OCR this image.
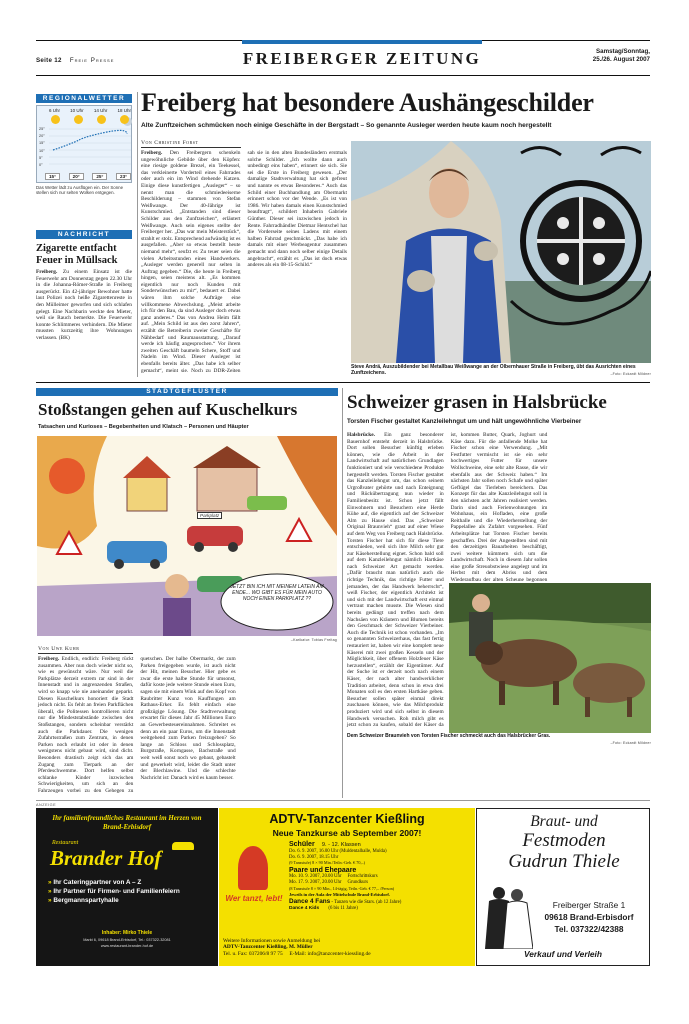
Seite 12 Freie Presse	FREIBERGER ZEITUNG	Samstag/Sonntag,
25./26. August 2007
REGIONALWETTER
6 Uhr 10 Uhr 14 Uhr 18 Uhr
25°
20°
15°
10°
5°
0°
15°	20°	25°	23°
Das Wetter lädt zu Ausflügen ein. Der Sonne stellen sich nur selten Wolken entgegen.
NACHRICHT
Zigarette entfacht Feuer in Müllsack
Freiberg. Zu einem Einsatz ist die Feuerwehr am Donnerstag gegen 22.30 Uhr in die Johanna-Römer-Straße in Freiberg ausgerückt. Ein 42-jähriger Bewohner hatte laut Polizei noch heiße Zigarettenreste in den Mülleimer geworfen und sich schlafen gelegt. Eine Nachbarin weckte den Mieter, weil sie Rauch bemerkte. Die Feuerwehr konnte Schlimmeres verhindern. Die Mieter mussten kurzzeitig ihre Wohnungen verlassen. (BK)
Freiberg hat besondere Aushängeschilder
Alte Zunftzeichen schmücken noch einige Geschäfte in der Bergstadt – So genannte Ausleger werden heute kaum noch hergestellt
Von Christine Forst
Freiberg. Den Freibergern schenkeln ungewöhnliche Gebilde über den Köpfen: eine riesige goldene Brezel, ein Teekessel, das verkleinerte Vorderteil eines Fahrrades oder auch ein im Wind drehende Katzen. Einige diese kunstfertigen „Ausleger“ – so nennt man die schmiedeeiserne Beschilderung – stammen von Stefan Weißwange. Der 40-Jährige ist Kunstschmied. „Entstanden sind dieser Schilder aus den Zunftzeichen“, erläutert Weißwange. Auch sein eigenes stellte der Freiberger her. „Das war mein Meisterstück“, strahlt er stolz. Entsprechend aufwändig ist es ausgefallen. „Aber so etwas bestellt heute niemand mehr“, seufzt er. Zu teuer seien die vielen Arbeitsstunden eines Handwerkers. „Ausleger werden generell nur selten in Auftrag gegeben.“ Die, die heute in Freiberg hingen, seien meistens alt. „Es kommen eigentlich nur noch Kunden mit Sonderwünschen zu mir“, bedauert er. Dabei wären ihm solche Aufträge eine willkommene Abwechslung. „Meist arbeite ich für den Bau, da sind Ausleger doch etwas ganz anderes.“ Das von Andrea Heim fällt auf. „Mein Schild ist aus den zorst Jahren“, erzählt die Betreiberin zweier Geschäfte für Nähbedarf und Raumausstattung. „Darauf werde ich häufig angesprochen.“ Vor ihrem zweiten Geschäft baumeln Schere, Stoff und Nadeln im Wind. Dieser Ausleger ist ebenfalls bereits älter. „Das habe ich selber gemacht“, meint sie. Noch zu DDR-Zeiten sah sie in den alten Bundesländern erstmals solche Schilder. „Ich wollte dann auch unbedingt eins haben“, erinnert sie sich. Sie sei die Erste in Freiberg gewesen. „Der damalige Stadtverwaltung hat sich gefreut und nannte es etwas Besonderes.“ Auch das Schild einer Buchhandlung am Obermarkt erinnert schon vor der Wende. „Es ist von 1986. Wir haben damals einen Kunstschmied beauftragt“, schildert Inhaberin Gabriele Günther. Dieser sei inzwischen jedoch in Rente. Fahrradhändler Dietmar Hentschel hat die Vorderseite seines Ladens mit einem halben Fahrrad geschmückt. „Das habe ich damals mit einer Werbeagentur zusammen gemacht und dann noch selber einige Details angebracht“, erzählt er. „Das ist doch etwas anderes als ein 08-15-Schild.“
Steve Andrä, Auszubildender bei Metallbau Weißwange an der Olbernhauer Straße in Freiberg, übt das Ausrichten eines Zunftzeichens.	–Foto: Eckardt Mildner
STADTGEFLÜSTER
Stoßstangen gehen auf Kuschelkurs
Tatsachen und Kurioses – Begebenheiten und Klatsch – Personen und Häupter
JETZT BIN ICH MIT MEINEM LATEIN AM ENDE... WO GIBT ES FÜR MEIN AUTO NOCH EINEN PARKPLATZ ??
Parkplatz
–Karikatur: Tobias Freitag
Von Uwe Kuhr
Freiberg. Endlich, endlich: Freiberg rückt zusammen. Aber nun doch wieder nicht so, wie es gewünscht wäre. Nur weil die Parkplätze derzeit extrem rar sind in der Innenstadt und in angrenzenden Straßen, wird so knapp wie nie aneinander geparkt. Diesen Kuschelkurs honoriert die Stadt jedoch nicht. Es fehlt an freien Parkflächen überall, die Politessen kontrollieren nicht nur die Mindeststabstände zwischen den Stoßstangen, sondern scheinbar verstärkt auch die Parkdauer. Die wenigen Zufahrtsstraßen zum Zentrum, in denen Parken noch erlaubt ist oder in denen wenigstens nicht gebaut wird, sind dicht. Besonders drastisch zeigt sich das am Zugang zum Tierpark an der Pferdeschwemme. Dort helfen selbst schlanke Kinder inzwischen Schwierigkeiten, um sich an den Fahrzeugen vorbei zu den Gehegen zu quetschen. Der halbe Obermarkt, der zum Parken freigegeben wurde, ist auch nicht der Hit, meinen Besucher. Hier gebe es zwar die erste halbe Stunde für umsonst, dafür koste jede weitere Stunde einen Euro, sagen sie mit einem Wink auf den Kopf von Raubritter Kunz von Kauffungen am Rathaus-Erker. Es fehlt einfach eine großzügige Lösung. Die Stadtverwaltung erwartet für dieses Jahr 45 Millionen Euro an Gewerbesteuereinnahmen. Schreitet es denn an ein paar Euros, um die Innenstadt weitgehend zum Parken freizugeben? So lange an Schloss und Schlossplatz, Burgstraße, Korngasse, Bachstraße und weit weiß sonst noch wo gebaut, gebastelt und gewerkelt wird, leidet die Stadt unter der Blechlawine. Und die schlechte Nachricht ist: Danach wird es kaum besser.
Schweizer grasen in Halsbrücke
Torsten Fischer gestaltet Kanzleilehngut um und hält ungewöhnliche Vierbeiner
Halsbrücke. Ein ganz besonderer Bauernhof entsteht derzeit in Halsbrücke. Dort sollen Besucher künftig erleben können, wie die Arbeit in der Landwirtschaft auf natürlichen Grundlagen funktioniert und wie verschiedene Produkte hergestellt werden. Torsten Fischer gestaltet das Kanzleilehngut um, das schon seinem Urgroßvater gehörte und nach Enteignung und Rückübertragung nun wieder in Familienbesitz ist. Schon jetzt fällt Einwohnern und Besuchern eine Herde Kühe auf, die eigentlich auf der Schweizer Alm zu Hause sind. Das „Schweizer Original Braunvieh“ grast auf einer Wiese auf dem Weg von Freiberg nach Halsbrücke. Torsten Fischer hat sich für diese Tiere entschieden, weil sich ihre Milch sehr gut zur Käseherstellung eignet. Schon bald soll auf dem Kanzleilehngut nämlich Hartkäse nach Schweizer Art gemacht werden. „Dafür braucht man natürlich auch die richtige Technik, das richtige Futter und jemanden, der das Handwerk beherrscht“, weiß Fischer, der eigentlich Architekt ist und sich mit der Landwirtschaft erst einmal vertraut machen musste. Die Wiesen sind bereits gedüngt und treffen nach dem Nachsäen von Kräutern und Blumen bereits den Geschmack der Schweizer Vierbeiner. Auch die Technik ist schon vorhanden. „Im so genannten Schweizerhaus, das fast fertig restauriert ist, haben wir eine komplett neue Käserei mit zwei großen Kesseln und der Möglichkeit, über offenem Holzfeuer Käse herzustellen“, erzählt der Eigentümer. Auf der Suche ist er derzeit noch nach einem Käser, der nach alter handwerklicher Tradition arbeitet, denn schon in etwa drei Monaten soll es den ersten Hartkäse geben. Besucher sollen später einmal direkt zuschauen können, wie das Milchprodukt produziert wird und sich selbst in diesem Handwerk versuchen. Roh milch gibt es jetzt schon zu kaufen, sobald der Käser da ist, kommen Butter, Quark, Joghurt und Käse dazu. Für die anfallende Molke hat Fischer schon eine Verwendung. „Mit Festfutter vermischt ist sie ein sehr hochwertiges Futter für unsere Wollschweine, eine sehr alte Rasse, die wir ebenfalls aus der Schweiz haben.“ Im nächsten Jahr sollen noch Schafe und später Geflügel das Tierleben bereichern. Das Konzept für das alte Kanzleilehngut soll in den nächsten acht Jahren realisiert werden. Darin sind auch Ferienwohnungen im Wohnhaus, ein Hofladen, eine große Reithalle und die Wiederherstellung der Pappelallee als Zufahrt vorgesehen. Fünf Arbeitsplätze hat Torsten Fischer bereits geschaffen. Drei der Angestellten sind mit den derzeitigen Bauarbeiten beschäftigt, zwei weitere kümmern sich um die Landwirtschaft. Noch in diesem Jahr sollen eine große Streuobstwiese angelegt und im Herbst mit dem Abriss und dem Wiederaufbau der alten Scheune begonnen
Dem Schweizer Braunvieh von Torsten Fischer schmeckt auch das Halsbrücker Gras.
–Foto: Eckardt Mildner
ANZEIGE
Ihr familienfreundliches Restaurant im Herzen von Brand-Erbisdorf
Restaurant
Brander Hof
» Ihr Cateringpartner von A – Z
» Ihr Partner für Firmen- und Familienfeiern
» Bergmannspartyhalle
Inhaber: Mirko Thiele
Markt 6, 09618 Brand-Erbisdorf, Tel.: 037322-32081
www.restaurant-brander-hof.de
ADTV-Tanzcenter Kießling
Neue Tanzkurse ab September 2007!
Wer tanzt, lebt!
Schüler 9. - 12. Klassen
Do. 6. 9. 2007, 16.00 Uhr (Muldentalhalle, Mulda)
Do. 6. 9. 2007, 18.15 Uhr
(9 Tanzstufe) 8 × 90 Min./Teiln.-Geb. € 70,–)
Paare und Ehepaare
Mo. 10. 9. 2007, 20.00 Uhr     Fortschrittskurs
Mo. 17. 9. 2007, 20.00 Uhr     Grundkurs
(8 Tanzstufe 8 × 90 Min., 14-tägig, Teiln.-Geb. € 77,– /Person)
Jeweils in der Aula der Mittelschule Brand-Erbisdorf.
Dance 4 Fans - Tanzen wie die Stars. (ab 12 Jahre)
Dance 4 Kids (6 bis 11 Jahre)
Weitere Informationen sowie Anmeldung bei
ADTV-Tanzcenter Kießling, M. Müller
Tel. u. Fax: 037206/8 97 75     E-Mail: info@tanzcenter-kiessling.de
Braut- und
Festmoden
Gudrun Thiele
Freiberger Straße 1
09618 Brand-Erbisdorf
Tel. 037322/42388
Verkauf und Verleih
